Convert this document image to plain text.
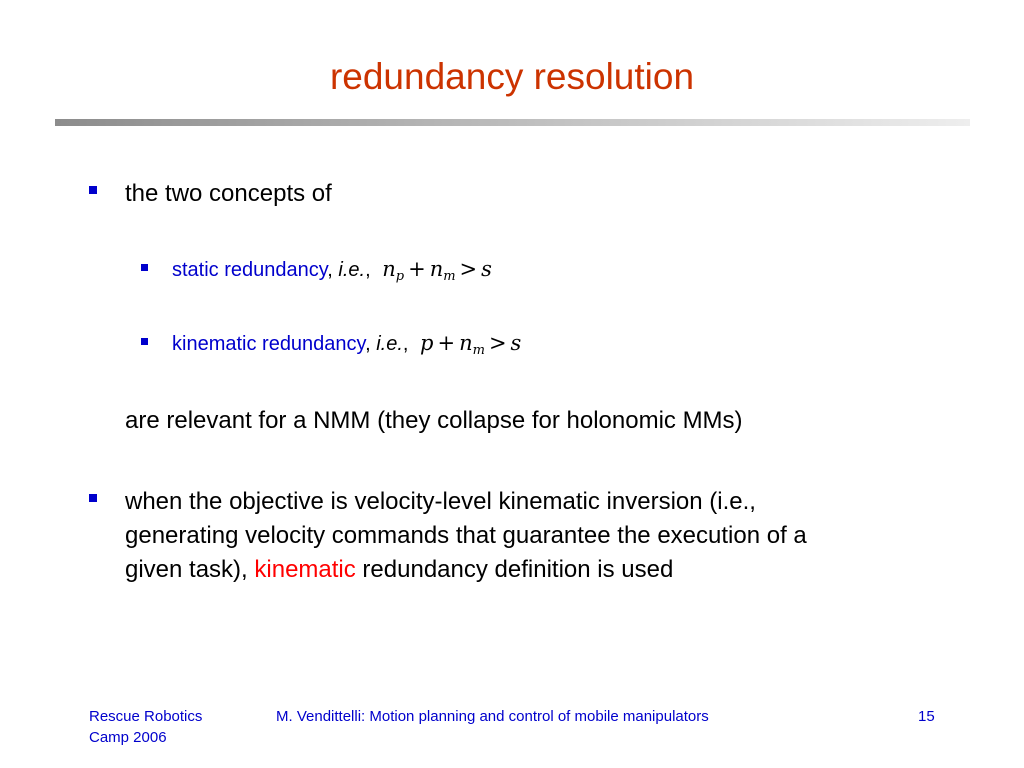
redundancy resolution
the two concepts of
static redundancy, i.e., $n_p + n_m > s$
kinematic redundancy, i.e., $p + n_m > s$
are relevant for a NMM (they collapse for holonomic MMs)
when the objective is velocity-level kinematic inversion (i.e.,
generating velocity commands that guarantee the execution of a
given task), kinematic redundancy definition is used
Rescue Robotics
Camp 2006
M. Vendittelli: Motion planning and control of mobile manipulators	15
